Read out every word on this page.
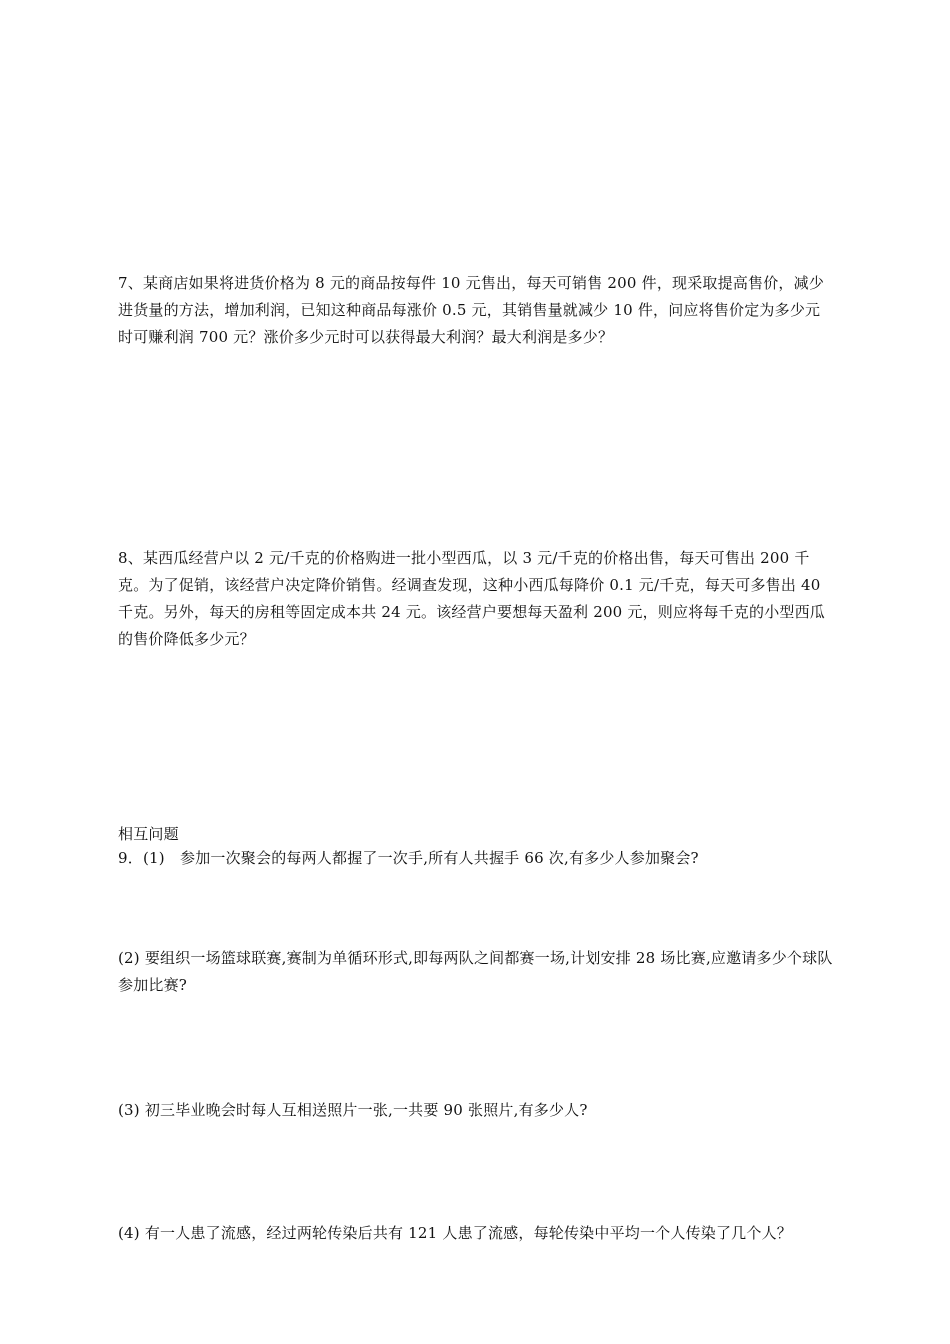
7、某商店如果将进货价格为 8 元的商品按每件 10 元售出，每天可销售 200 件，现采取提高售价，减少进货量的方法，增加利润，已知这种商品每涨价 0.5 元，其销售量就减少 10 件，问应将售价定为多少元时可赚利润 700 元？涨价多少元时可以获得最大利润？最大利润是多少？

8、某西瓜经营户以 2 元/千克的价格购进一批小型西瓜，以 3 元/千克的价格出售，每天可售出 200 千克。为了促销，该经营户决定降价销售。经调查发现，这种小西瓜每降价 0.1 元/千克，每天可多售出 40 千克。另外，每天的房租等固定成本共 24 元。该经营户要想每天盈利 200 元，则应将每千克的小型西瓜的售价降低多少元？

相互问题

9．(1)　参加一次聚会的每两人都握了一次手,所有人共握手 66 次,有多少人参加聚会?

(2) 要组织一场篮球联赛,赛制为单循环形式,即每两队之间都赛一场,计划安排 28 场比赛,应邀请多少个球队参加比赛?

(3) 初三毕业晚会时每人互相送照片一张,一共要 90 张照片,有多少人?

(4) 有一人患了流感，经过两轮传染后共有 121 人患了流感，每轮传染中平均一个人传染了几个人？
